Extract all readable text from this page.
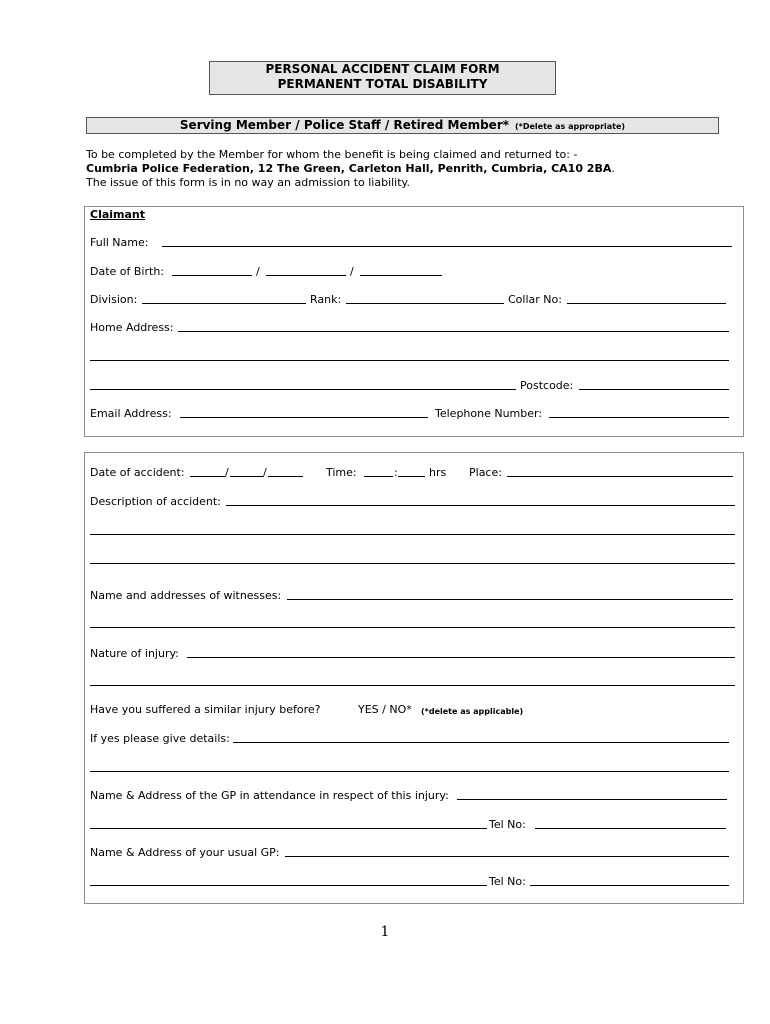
PERSONAL ACCIDENT CLAIM FORM
PERMANENT TOTAL DISABILITY
Serving Member / Police Staff / Retired Member* (*Delete as appropriate)
To be completed by the Member for whom the benefit is being claimed and returned to: -
Cumbria Police Federation, 12 The Green, Carleton Hall, Penrith, Cumbria, CA10 2BA.
The issue of this form is in no way an admission to liability.
Claimant
Full Name:
Date of Birth:	/	/
Division:	Rank:	Collar No:
Home Address:
Postcode:
Email Address:	Telephone Number:
Date of accident:	/	/	Time:	:	hrs Place:
Description of accident:
Name and addresses of witnesses:
Nature of injury:
Have you suffered a similar injury before?	YES / NO* (*delete as applicable)
If yes please give details:
Name & Address of the GP in attendance in respect of this injury:
Tel No:
Name & Address of your usual GP:
Tel No:
1
